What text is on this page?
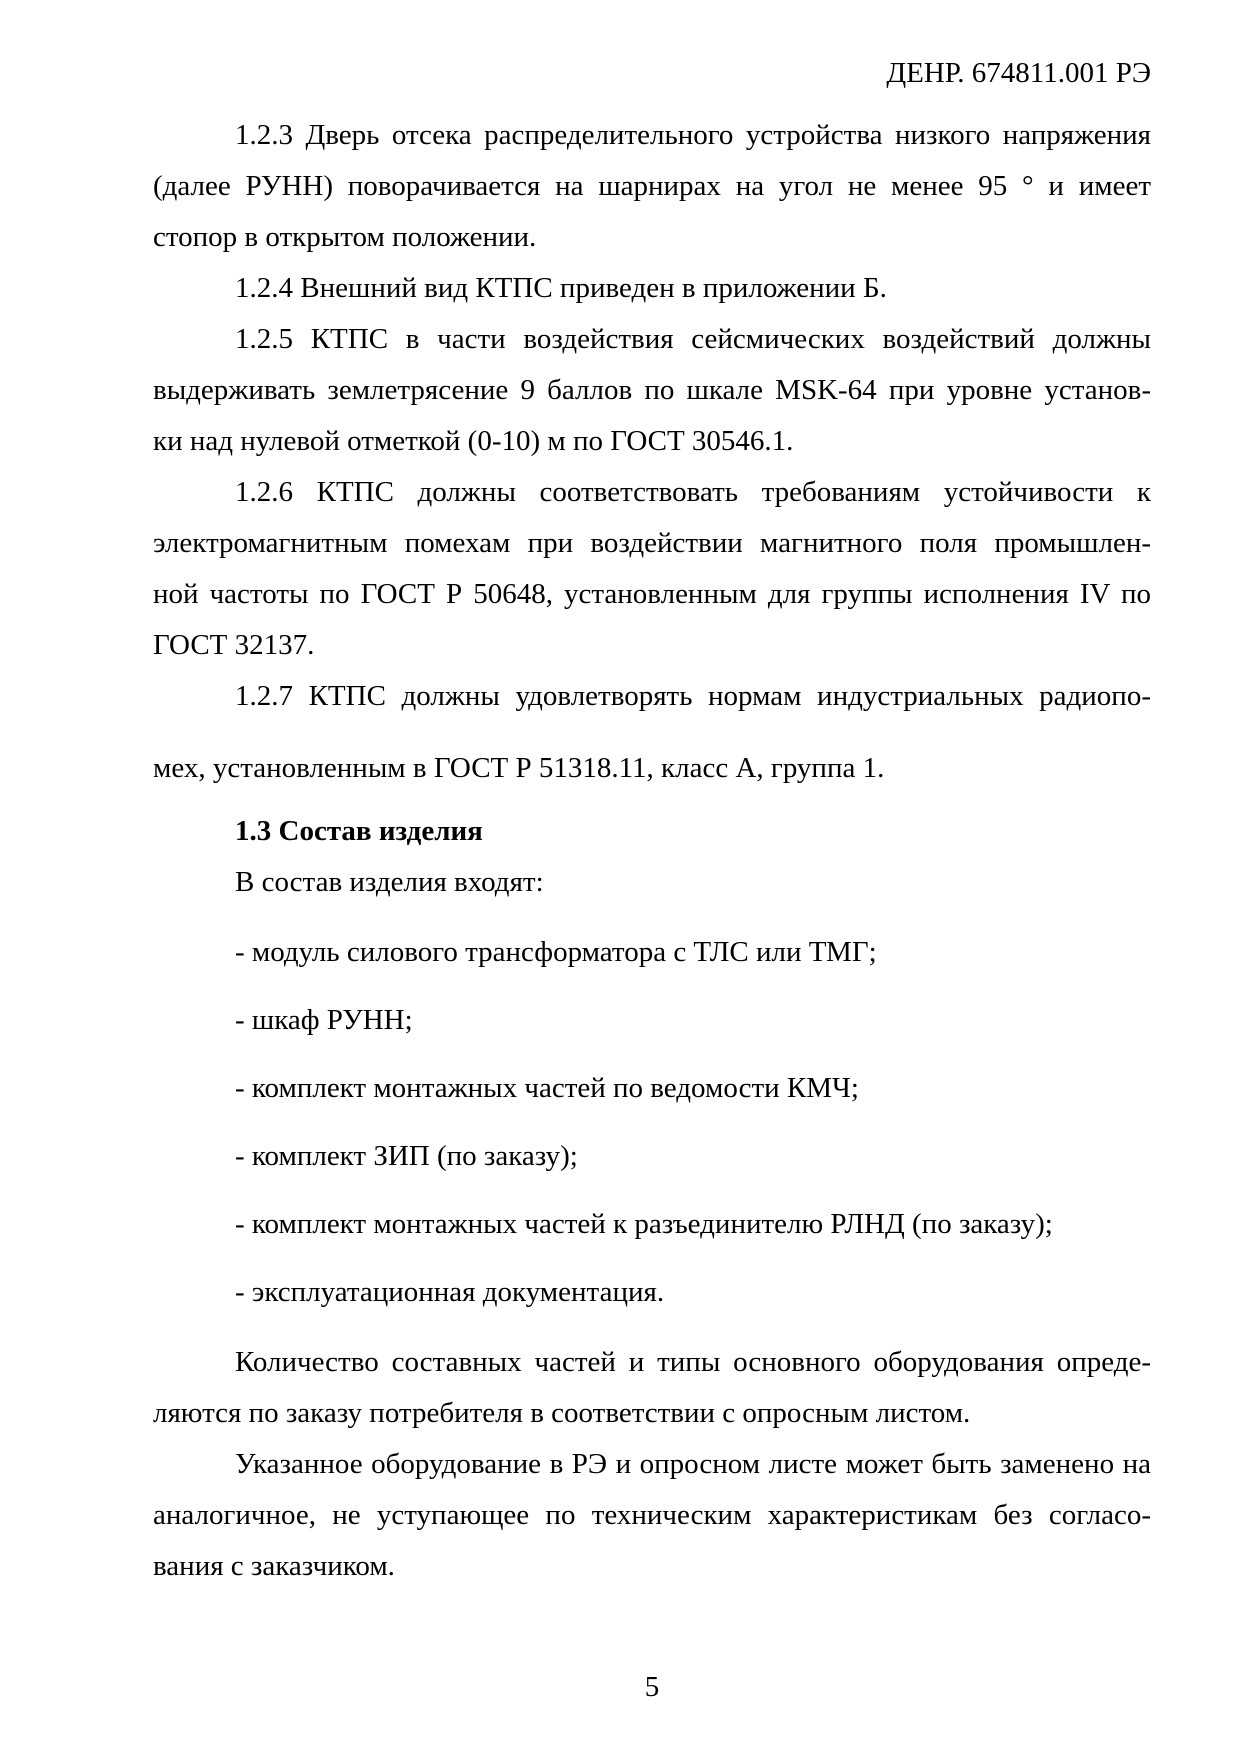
ДЕНР. 674811.001 РЭ
1.2.3 Дверь отсека распределительного устройства низкого напряжения
(далее РУНН) поворачивается на шарнирах на угол не менее 95 ° и имеет
стопор в открытом положении.
1.2.4 Внешний вид КТПС приведен в приложении Б.
1.2.5 КТПС в части воздействия сейсмических воздействий должны
выдерживать землетрясение 9 баллов по шкале MSK-64 при уровне установ-
ки над нулевой отметкой (0-10) м по ГОСТ 30546.1.
1.2.6 КТПС должны соответствовать требованиям устойчивости к
электромагнитным помехам при воздействии магнитного поля промышлен-
ной частоты по ГОСТ Р 50648, установленным для группы исполнения IV по
ГОСТ 32137.
1.2.7 КТПС должны удовлетворять нормам индустриальных радиопо-
мех, установленным в ГОСТ Р 51318.11, класс А, группа 1.
1.3 Состав изделия
В состав изделия входят:
- модуль силового трансформатора с ТЛС или ТМГ;
- шкаф РУНН;
- комплект монтажных частей по ведомости КМЧ;
- комплект ЗИП (по заказу);
- комплект монтажных частей к разъединителю РЛНД (по заказу);
- эксплуатационная документация.
Количество составных частей и типы основного оборудования опреде-
ляются по заказу потребителя в соответствии с опросным листом.
Указанное оборудование в РЭ и опросном листе может быть заменено на
аналогичное, не уступающее по техническим характеристикам без согласо-
вания с заказчиком.
5
